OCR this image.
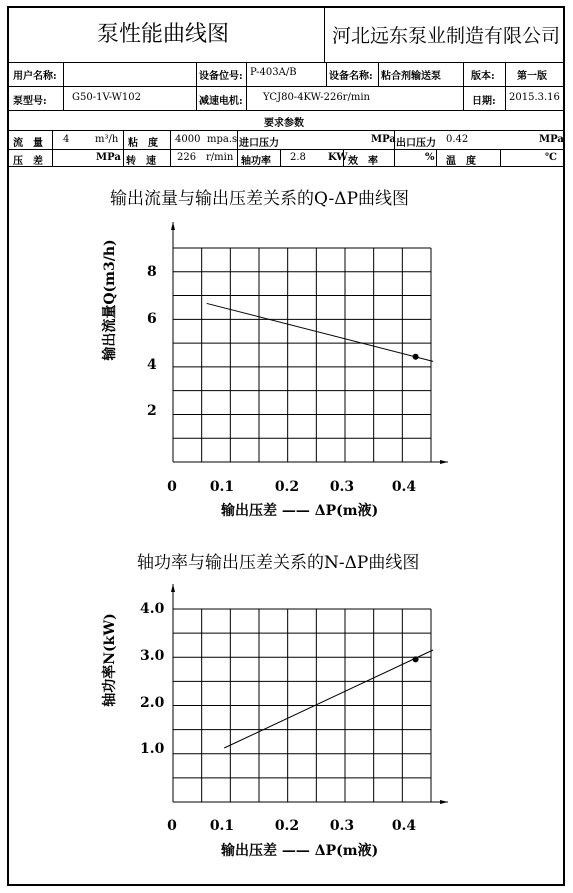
泵性能曲线图	河北远东泵业制造有限公司
用户名称:	设备位号: P-403A/B	设备名称: 粘合剂输送泵	版本: 第一版
泵型号:	G50-1V-W102	减速电机: YCJ80-4KW-226r/min	日期: 2015.3.16
要求参数
流　量 4	m³/h 粘　度 4000 mpa.s 进口压力	MPa 出口压力 0.42	MPa
压　差	MPa 转　速 226 r/min 轴功率 2.8 KW 效　率	% 温　度	℃
输出流量与输出压差关系的Q-ΔP曲线图
输出压差 —— ΔP(m液)
输出流量Q(m3/h)
0 0.1	0.2 0.3	0.4
2
4
6
8
轴功率与输出压差关系的N-ΔP曲线图
输出压差 —— ΔP(m液)
轴功率N(kW)
0 0.1	0.2 0.3	0.4
1.0
2.0
3.0
4.0
